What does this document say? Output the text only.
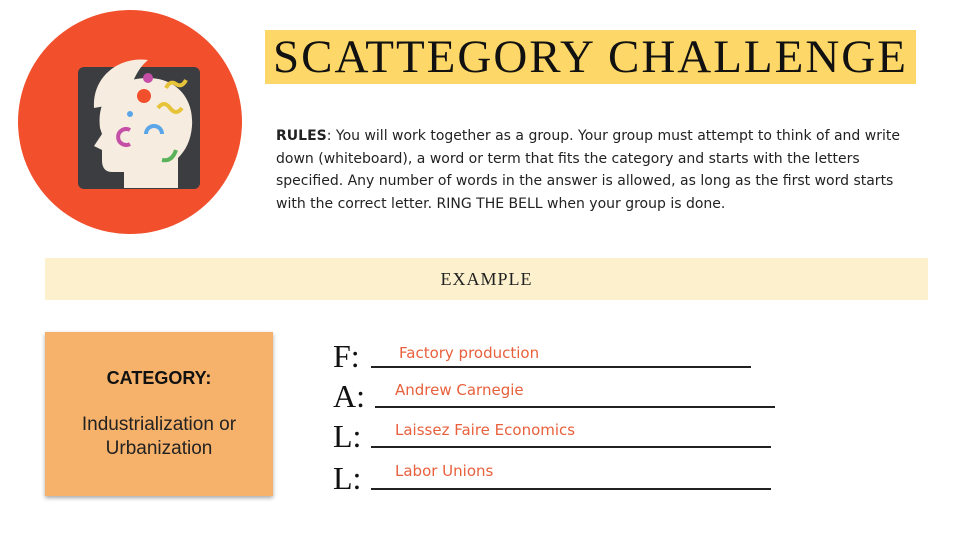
SCATTEGORY CHALLENGE
RULES: You will work together as a group. Your group must attempt to think of and write down (whiteboard), a word or term that fits the category and starts with the letters specified. Any number of words in the answer is allowed, as long as the first word starts with the correct letter. RING THE BELL when your group is done.
EXAMPLE
CATEGORY:
Industrialization or Urbanization
F:	Factory production
A: Andrew Carnegie
L: Laissez Faire Economics
L: Labor Unions
